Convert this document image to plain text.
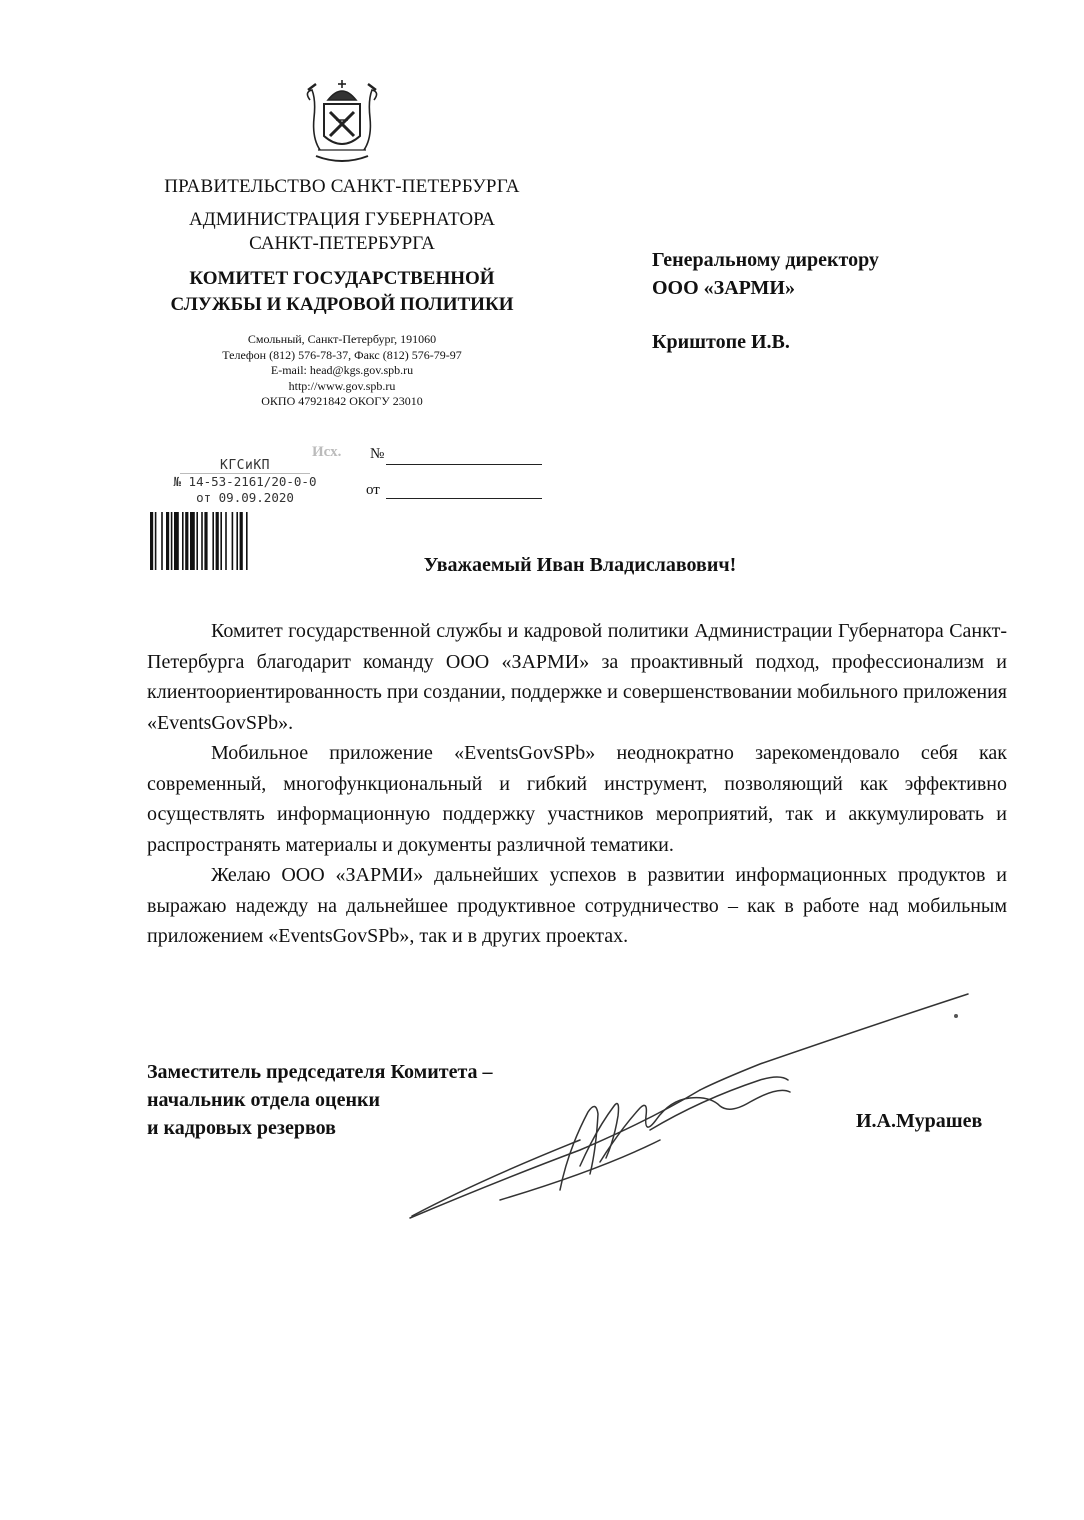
ПРАВИТЕЛЬСТВО САНКТ-ПЕТЕРБУРГА
АДМИНИСТРАЦИЯ ГУБЕРНАТОРА
САНКТ-ПЕТЕРБУРГА
КОМИТЕТ ГОСУДАРСТВЕННОЙ
СЛУЖБЫ И КАДРОВОЙ ПОЛИТИКИ
Смольный, Санкт-Петербург, 191060
Телефон (812) 576-78-37, Факс (812) 576-79-97
E-mail: head@kgs.gov.spb.ru
http://www.gov.spb.ru
ОКПО 47921842 ОКОГУ 23010
Генеральному директору
ООО «ЗАРМИ»
Криштопе И.В.
Исх. №
от
КГСиКП
№ 14-53-2161/20-0-0
от 09.09.2020
Уважаемый Иван Владиславович!

Комитет государственной службы и кадровой политики Администрации Губернатора Санкт-Петербурга благодарит команду ООО «ЗАРМИ» за проактивный подход, профессионализм и клиентоориентированность при создании, поддержке и совершенствовании мобильного приложения «EventsGovSPb».

Мобильное приложение «EventsGovSPb» неоднократно зарекомендовало себя как современный, многофункциональный и гибкий инструмент, позволяющий как эффективно осуществлять информационную поддержку участников мероприятий, так и аккумулировать и распространять материалы и документы различной тематики.

Желаю ООО «ЗАРМИ» дальнейших успехов в развитии информационных продуктов и выражаю надежду на дальнейшее продуктивное сотрудничество – как в работе над мобильным приложением «EventsGovSPb», так и в других проектах.

Заместитель председателя Комитета –
начальник отдела оценки
и кадровых резервов	И.А.Мурашев
